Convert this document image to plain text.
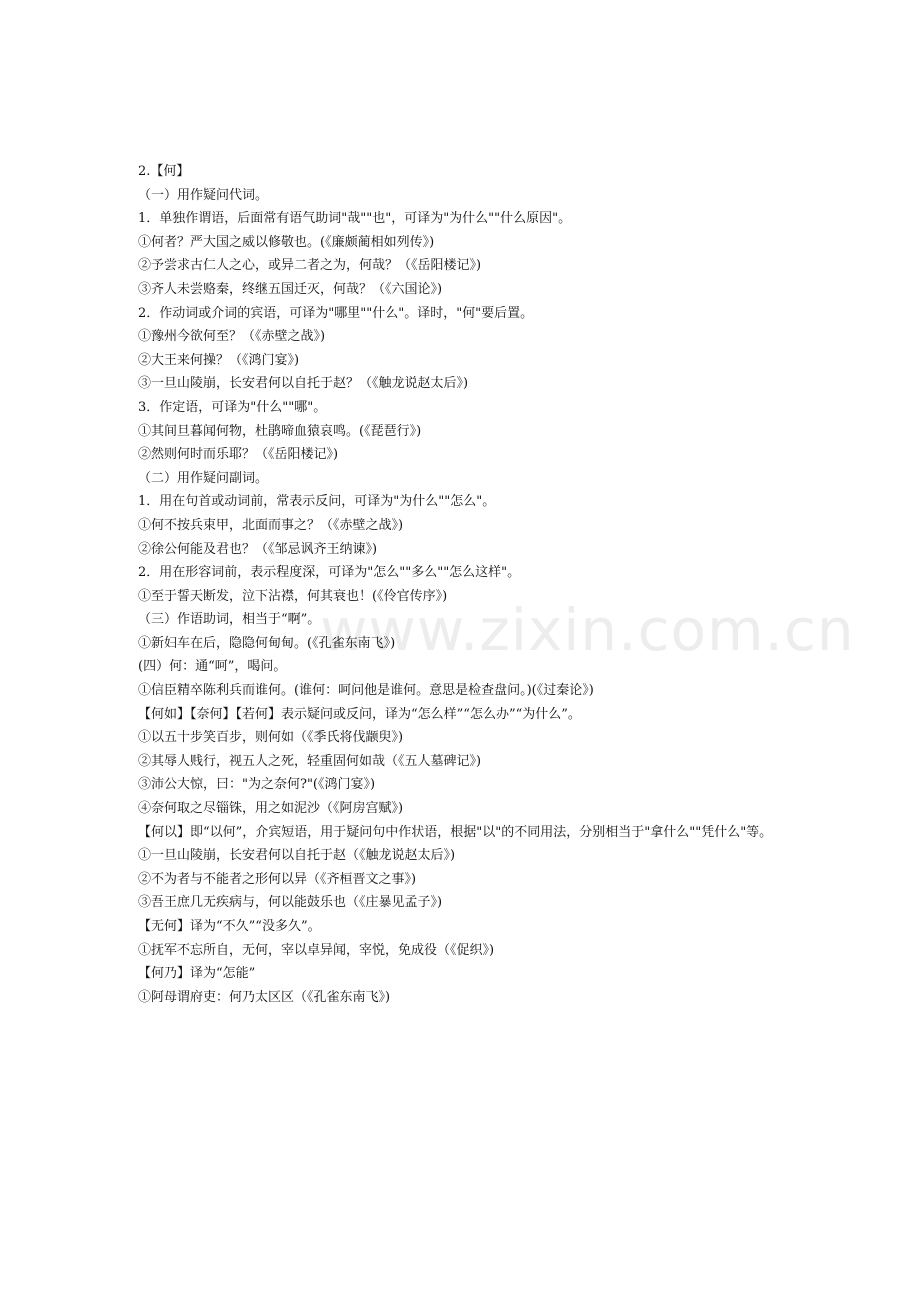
www.zixin.com.cn

2.【何】

（一）用作疑问代词。

1．单独作谓语，后面常有语气助词"哉""也"，可译为"为什么""什么原因"。

①何者？严大国之威以修敬也。(《廉颇蔺相如列传》)

②予尝求古仁人之心，或异二者之为，何哉？（《岳阳楼记》)

③齐人未尝赂秦，终继五国迁灭，何哉？（《六国论》)

2．作动词或介词的宾语，可译为"哪里""什么"。译时，"何"要后置。

①豫州今欲何至？（《赤壁之战》)

②大王来何操？（《鸿门宴》)

③一旦山陵崩，长安君何以自托于赵？（《触龙说赵太后》)

3．作定语，可译为"什么""哪"。

①其间旦暮闻何物，杜鹃啼血猿哀鸣。(《琵琶行》)

②然则何时而乐耶？（《岳阳楼记》)

（二）用作疑问副词。

1．用在句首或动词前，常表示反问，可译为"为什么""怎么"。

①何不按兵束甲，北面而事之？（《赤壁之战》)

②徐公何能及君也？（《邹忌讽齐王纳谏》)

2．用在形容词前，表示程度深，可译为"怎么""多么""怎么这样"。

①至于誓天断发，泣下沾襟，何其衰也！(《伶官传序》)

（三）作语助词，相当于“啊”。

①新妇车在后，隐隐何甸甸。(《孔雀东南飞》)

(四）何：通“呵”，喝问。

①信臣精卒陈利兵而谁何。(谁何：呵问他是谁何。意思是检查盘问。)(《过秦论》)

【何如】【奈何】【若何】表示疑问或反问，译为“怎么样”“怎么办”“为什么”。

①以五十步笑百步，则何如（《季氏将伐颛臾》)

②其辱人贱行，视五人之死，轻重固何如哉（《五人墓碑记》)

③沛公大惊，曰："为之奈何?"(《鸿门宴》)

④奈何取之尽锱铢，用之如泥沙（《阿房宫赋》)

【何以】即“以何”，介宾短语，用于疑问句中作状语，根据"以"的不同用法，分别相当于"拿什么""凭什么"等。

①一旦山陵崩，长安君何以自托于赵（《触龙说赵太后》)

②不为者与不能者之形何以异（《齐桓晋文之事》)

③吾王庶几无疾病与，何以能鼓乐也（《庄暴见孟子》)

【无何】译为“不久”“没多久”。

①抚军不忘所自，无何，宰以卓异闻，宰悦，免成役（《促织》)

【何乃】译为“怎能”

①阿母谓府吏：何乃太区区（《孔雀东南飞》)
